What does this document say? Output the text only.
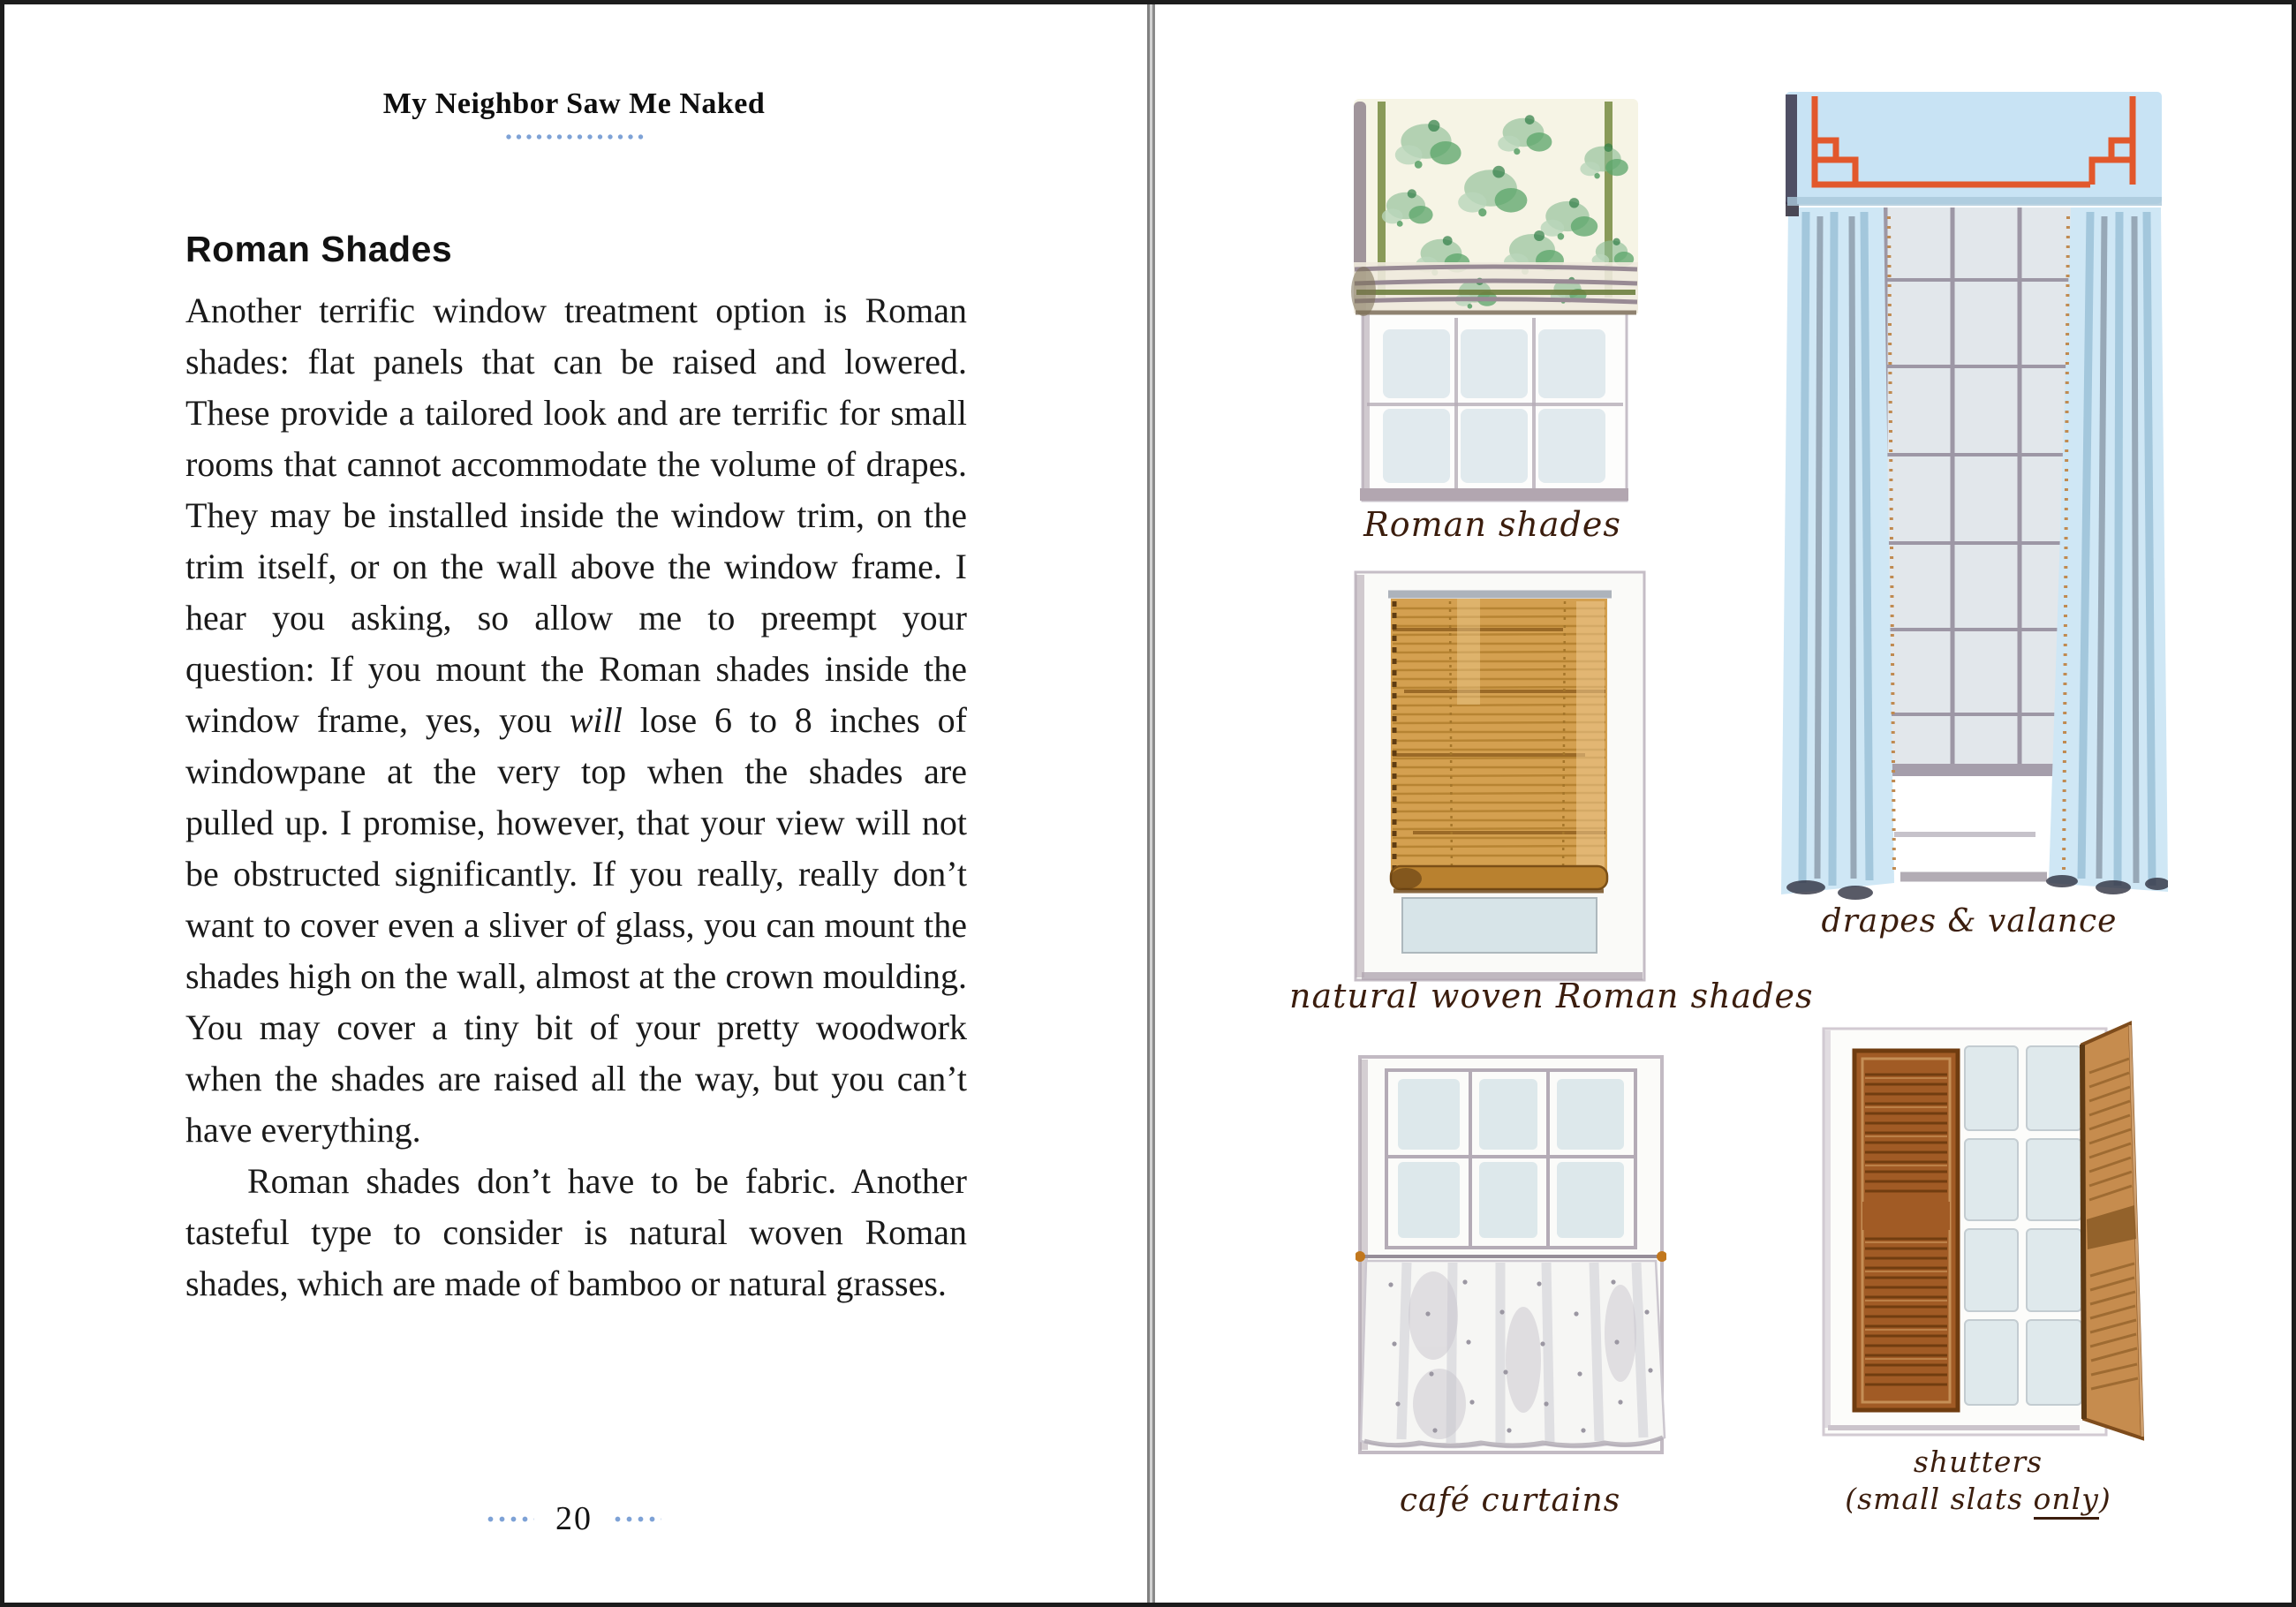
My Neighbor Saw Me Naked
Roman Shades

Another terrific window treatment option is Roman shades: flat panels that can be raised and lowered. These provide a tailored look and are terrific for small rooms that cannot accommodate the volume of drapes. They may be installed inside the window trim, on the trim itself, or on the wall above the window frame. I hear you asking, so allow me to preempt your question: If you mount the Roman shades inside the window frame, yes, you will lose 6 to 8 inches of windowpane at the very top when the shades are pulled up. I promise, however, that your view will not be obstructed significantly. If you really, really don’t want to cover even a sliver of glass, you can mount the shades high on the wall, almost at the crown moulding. You may cover a tiny bit of your pretty woodwork when the shades are raised all the way, but you can’t have everything.

Roman shades don’t have to be fabric. Another tasteful type to consider is natural woven Roman shades, which are made of bamboo or natural grasses.

20
Roman shades
drapes & valance
natural woven Roman shades
café curtains
shutters
(small slats only)
